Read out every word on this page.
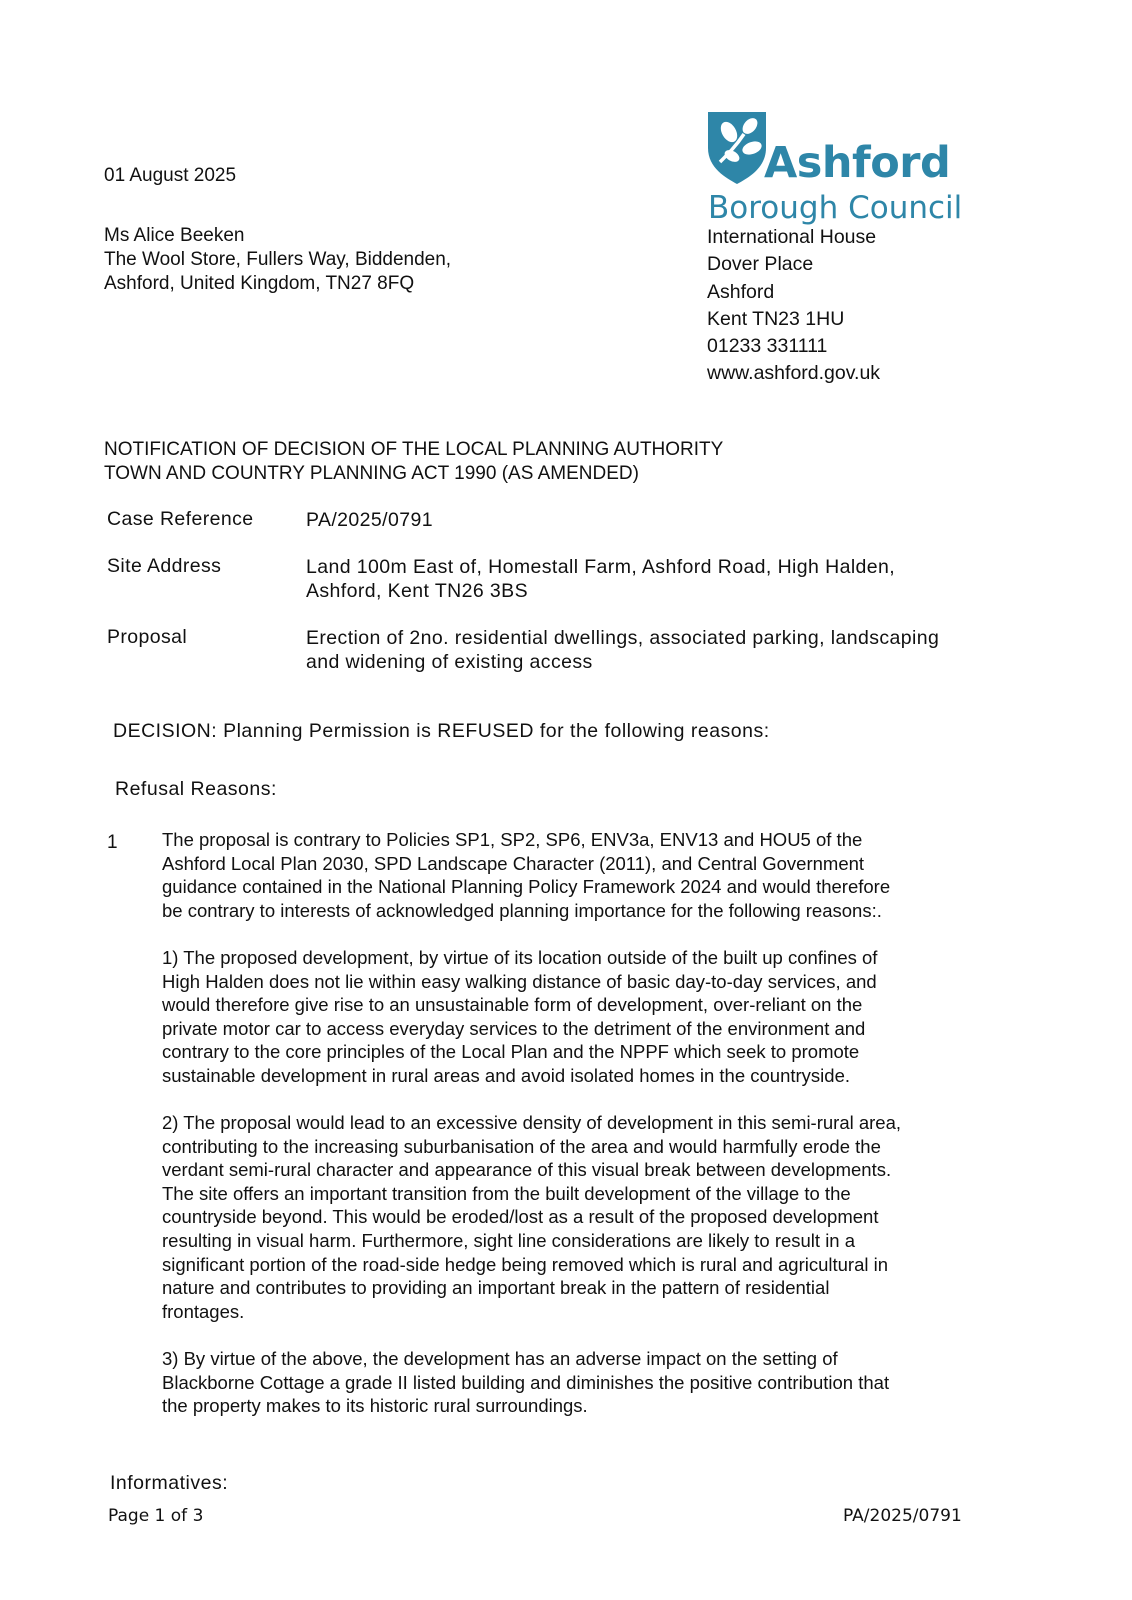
01 August 2025
Ms Alice Beeken
The Wool Store, Fullers Way, Biddenden,
Ashford, United Kingdom, TN27 8FQ
Ashford
Borough Council
International House
Dover Place
Ashford
Kent TN23 1HU
01233 331111
www.ashford.gov.uk
NOTIFICATION OF DECISION OF THE LOCAL PLANNING AUTHORITY
TOWN AND COUNTRY PLANNING ACT 1990 (AS AMENDED)
Case Reference	PA/2025/0791
Site Address	Land 100m East of, Homestall Farm, Ashford Road, High Halden,
Ashford, Kent TN26 3BS
Proposal	Erection of 2no. residential dwellings, associated parking, landscaping
and widening of existing access
DECISION: Planning Permission is REFUSED for the following reasons:
Refusal Reasons:
1 The proposal is contrary to Policies SP1, SP2, SP6, ENV3a, ENV13 and HOU5 of the
Ashford Local Plan 2030, SPD Landscape Character (2011), and Central Government
guidance contained in the National Planning Policy Framework 2024 and would therefore
be contrary to interests of acknowledged planning importance for the following reasons:.
1) The proposed development, by virtue of its location outside of the built up confines of
High Halden does not lie within easy walking distance of basic day-to-day services, and
would therefore give rise to an unsustainable form of development, over-reliant on the
private motor car to access everyday services to the detriment of the environment and
contrary to the core principles of the Local Plan and the NPPF which seek to promote
sustainable development in rural areas and avoid isolated homes in the countryside.
2) The proposal would lead to an excessive density of development in this semi-rural area,
contributing to the increasing suburbanisation of the area and would harmfully erode the
verdant semi-rural character and appearance of this visual break between developments.
The site offers an important transition from the built development of the village to the
countryside beyond. This would be eroded/lost as a result of the proposed development
resulting in visual harm. Furthermore, sight line considerations are likely to result in a
significant portion of the road-side hedge being removed which is rural and agricultural in
nature and contributes to providing an important break in the pattern of residential
frontages.
3) By virtue of the above, the development has an adverse impact on the setting of
Blackborne Cottage a grade II listed building and diminishes the positive contribution that
the property makes to its historic rural surroundings.
Informatives:
Page 1 of 3	PA/2025/0791
